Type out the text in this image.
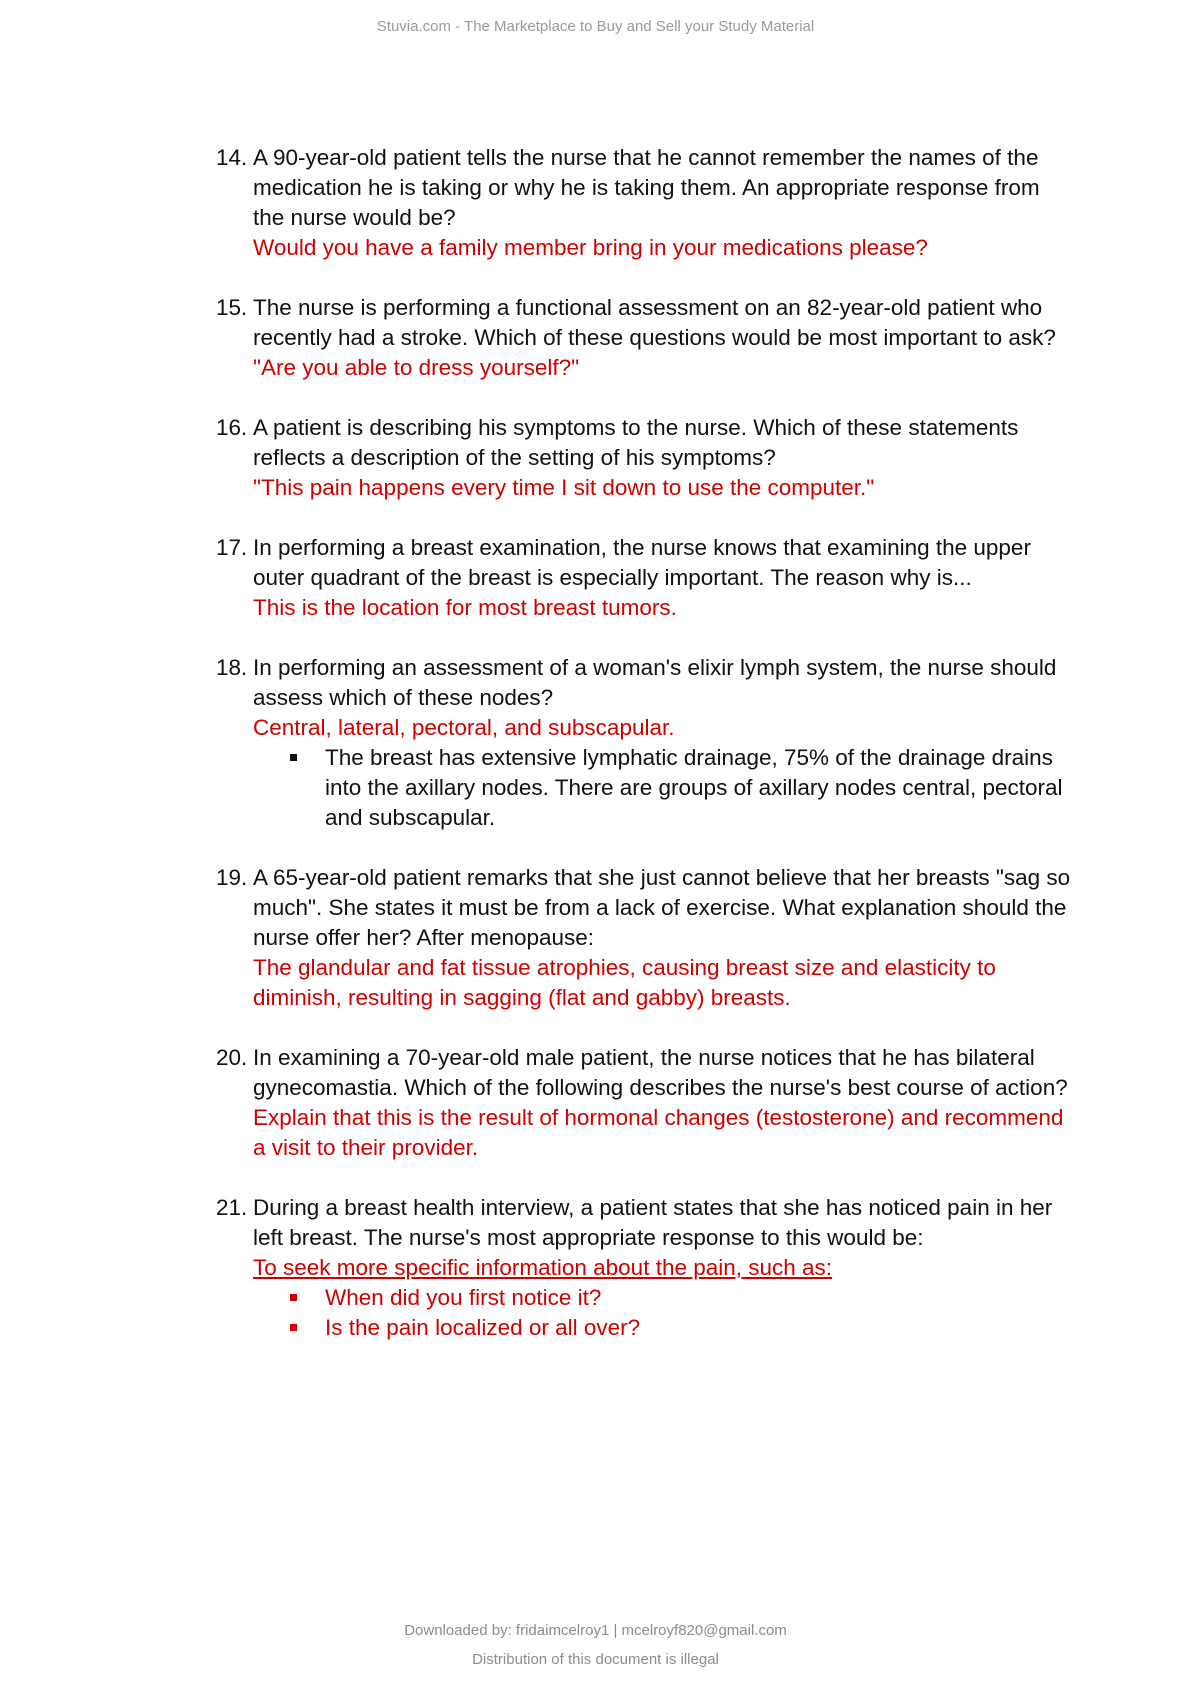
Stuvia.com - The Marketplace to Buy and Sell your Study Material
14. A 90-year-old patient tells the nurse that he cannot remember the names of the medication he is taking or why he is taking them. An appropriate response from the nurse would be?
Would you have a family member bring in your medications please?
15. The nurse is performing a functional assessment on an 82-year-old patient who recently had a stroke. Which of these questions would be most important to ask?
"Are you able to dress yourself?"
16. A patient is describing his symptoms to the nurse. Which of these statements reflects a description of the setting of his symptoms?
"This pain happens every time I sit down to use the computer."
17. In performing a breast examination, the nurse knows that examining the upper outer quadrant of the breast is especially important. The reason why is...
This is the location for most breast tumors.
18. In performing an assessment of a woman's elixir lymph system, the nurse should assess which of these nodes?
Central, lateral, pectoral, and subscapular.
The breast has extensive lymphatic drainage, 75% of the drainage drains into the axillary nodes. There are groups of axillary nodes central, pectoral and subscapular.
19. A 65-year-old patient remarks that she just cannot believe that her breasts "sag so much". She states it must be from a lack of exercise. What explanation should the nurse offer her? After menopause:
The glandular and fat tissue atrophies, causing breast size and elasticity to diminish, resulting in sagging (flat and gabby) breasts.
20. In examining a 70-year-old male patient, the nurse notices that he has bilateral gynecomastia. Which of the following describes the nurse's best course of action?
Explain that this is the result of hormonal changes (testosterone) and recommend a visit to their provider.
21. During a breast health interview, a patient states that she has noticed pain in her left breast. The nurse's most appropriate response to this would be:
To seek more specific information about the pain, such as:
When did you first notice it?
Is the pain localized or all over?
Downloaded by: fridaimcelroy1 | mcelroyf820@gmail.com
Distribution of this document is illegal
